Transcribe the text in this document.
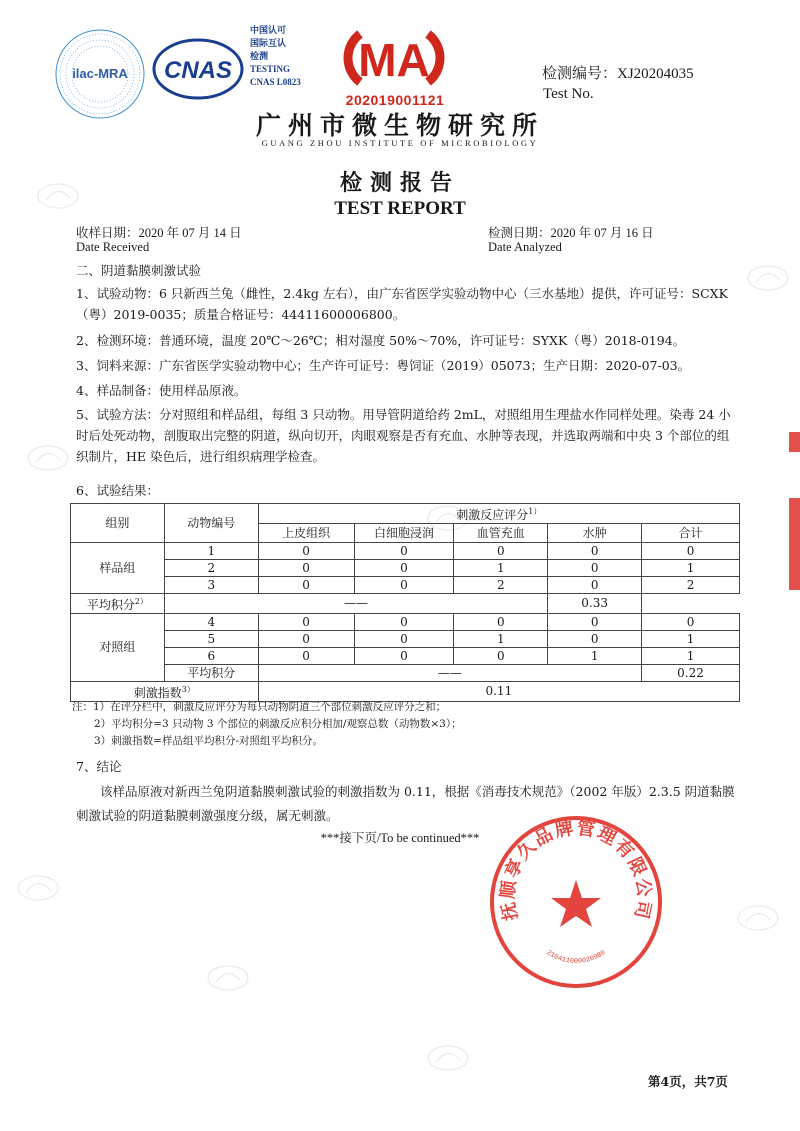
ilac-MRA CNAS
中国认可
国际互认
检测
TESTING
CNAS L0823	MA
202019001121
检测编号：XJ20204035
Test No.
广州市微生物研究所
GUANG ZHOU INSTITUTE OF MICROBIOLOGY
检测报告
TEST REPORT
收样日期：2020 年 07 月 14 日
Date Received
检测日期：2020 年 07 月 16 日
Date Analyzed
二、阴道黏膜刺激试验
1、试验动物：6 只新西兰兔（雌性，2.4kg 左右），由广东省医学实验动物中心（三水基地）提供，许可证号：SCXK（粤）2019-0035；质量合格证号：44411600006800。
2、检测环境：普通环境，温度 20℃～26℃；相对湿度 50%～70%，许可证号：SYXK（粤）2018-0194。
3、饲料来源：广东省医学实验动物中心；生产许可证号：粤饲证（2019）05073；生产日期：2020-07-03。
4、样品制备：使用样品原液。
5、试验方法：分对照组和样品组，每组 3 只动物。用导管阴道给药 2mL，对照组用生理盐水作同样处理。染毒 24 小时后处死动物，剖腹取出完整的阴道，纵向切开，肉眼观察是否有充血、水肿等表现，并选取两端和中央 3 个部位的组织制片，HE 染色后，进行组织病理学检查。
6、试验结果：
组别	动物编号	刺激反应评分$^{1)}$
		上皮组织	白细胞浸润	血管充血	水肿	合计
样品组	1	0	0	0	0	0
	2	0	0	1	0	1
	3	0	0	2	0	2
平均积分$^{2)}$	——				0.33	
对照组	4	0	0	0	0	0
	5	0	0	1	0	1
	6	0	0	0	1	1
	平均积分	——				0.22
刺激指数$^{3)}$		0.11				
注：1）在评分栏中，刺激反应评分为每只动物阴道三个部位刺激反应评分之和；
2）平均积分=3 只动物 3 个部位的刺激反应积分相加/观察总数（动物数×3）；
3）刺激指数=样品组平均积分-对照组平均积分。
7、结论
该样品原液对新西兰兔阴道黏膜刺激试验的刺激指数为 0.11，根据《消毒技术规范》（2002 年版）2.3.5 阴道黏膜刺激试验的阴道黏膜刺激强度分级，属无刺激。
***接下页/To be continued***
抚顺享久品牌管理有限公司
2104110000209B0
第4页，共7页
